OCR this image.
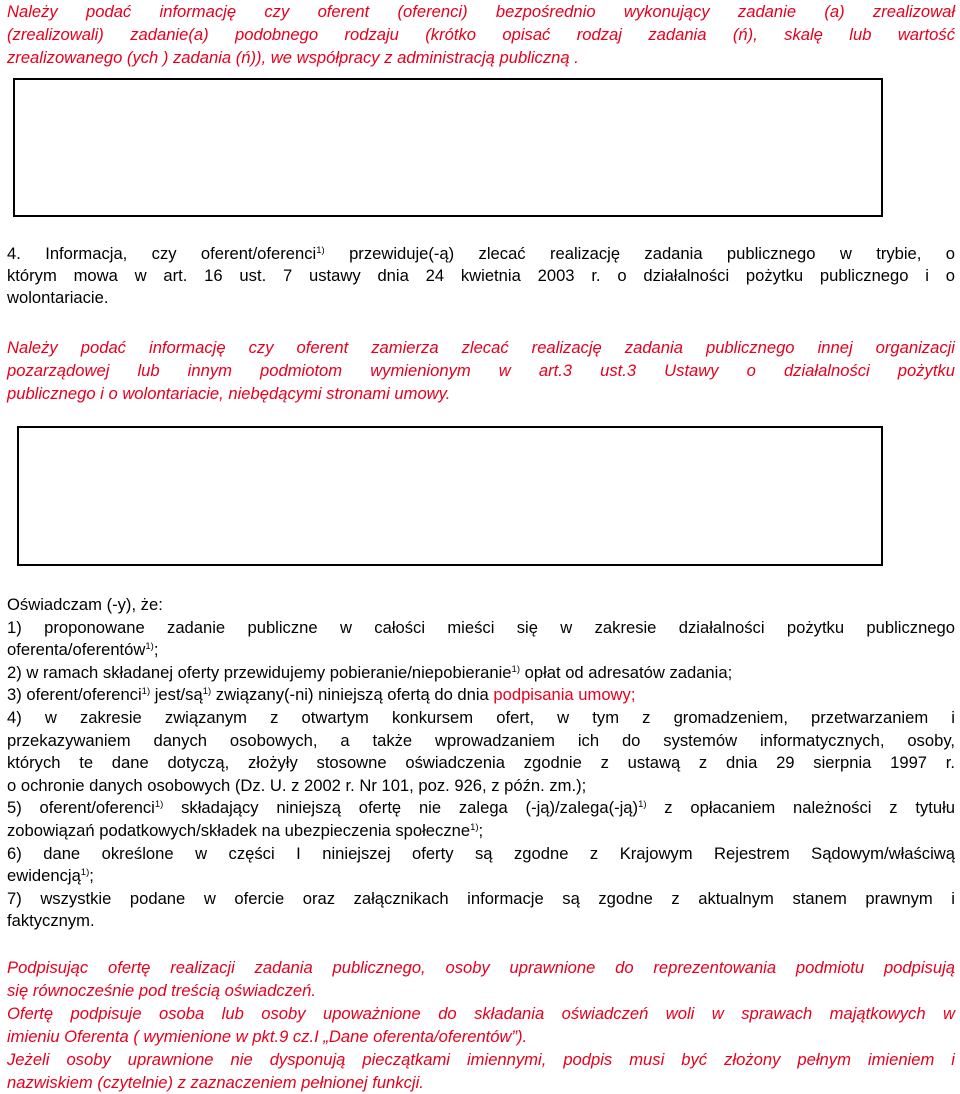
Należy podać informację czy oferent (oferenci) bezpośrednio wykonujący zadanie (a) zrealizował
(zrealizowali) zadanie(a) podobnego rodzaju (krótko opisać rodzaj zadania (ń), skalę lub wartość
zrealizowanego (ych ) zadania (ń)), we współpracy z administracją publiczną .
4. Informacja, czy oferent/oferenci$^{1)}$ przewiduje(-ą) zlecać realizację zadania publicznego w trybie, o
którym mowa w art. 16 ust. 7 ustawy dnia 24 kwietnia 2003 r. o działalności pożytku publicznego i o
wolontariacie.
Należy podać informację czy oferent zamierza zlecać realizację zadania publicznego innej organizacji
pozarządowej lub innym podmiotom wymienionym w art.3 ust.3 Ustawy o działalności pożytku
publicznego i o wolontariacie, niebędącymi stronami umowy.
Oświadczam (-y), że:
1) proponowane zadanie publiczne w całości mieści się w zakresie działalności pożytku publicznego
oferenta/oferentów$^{1)}$;
2) w ramach składanej oferty przewidujemy pobieranie/niepobieranie$^{1)}$ opłat od adresatów zadania;
3) oferent/oferenci$^{1)}$ jest/$są^{1)}$ związany(-ni) niniejszą ofertą do dnia podpisania umowy;
4) w zakresie związanym z otwartym konkursem ofert, w tym z gromadzeniem, przetwarzaniem i
przekazywaniem danych osobowych, a także wprowadzaniem ich do systemów informatycznych, osoby,
których te dane dotyczą, złożyły stosowne oświadczenia zgodnie z ustawą z dnia 29 sierpnia 1997 r.
o ochronie danych osobowych (Dz. U. z 2002 r. Nr 101, poz. 926, z późn. zm.);
5) oferent/oferenci$^{1)}$ składający niniejszą ofertę nie zalega (-ją)/zalega(-ją)$^{1)}$ z opłacaniem należności z tytułu
zobowiązań podatkowych/składek na ubezpieczenia społeczne$^{1)}$;
6) dane określone w części I niniejszej oferty są zgodne z Krajowym Rejestrem Sądowym/właściwą
ewidencją$^{1)}$;
7) wszystkie podane w ofercie oraz załącznikach informacje są zgodne z aktualnym stanem prawnym i
faktycznym.
Podpisując ofertę realizacji zadania publicznego, osoby uprawnione do reprezentowania podmiotu podpisują
się równocześnie pod treścią oświadczeń.
Ofertę podpisuje osoba lub osoby upoważnione do składania oświadczeń woli w sprawach majątkowych w
imieniu Oferenta ( wymienione w pkt.9 cz.I „Dane oferenta/oferentów”).
Jeżeli osoby uprawnione nie dysponują pieczątkami imiennymi, podpis musi być złożony pełnym imieniem i
nazwiskiem (czytelnie) z zaznaczeniem pełnionej funkcji.
